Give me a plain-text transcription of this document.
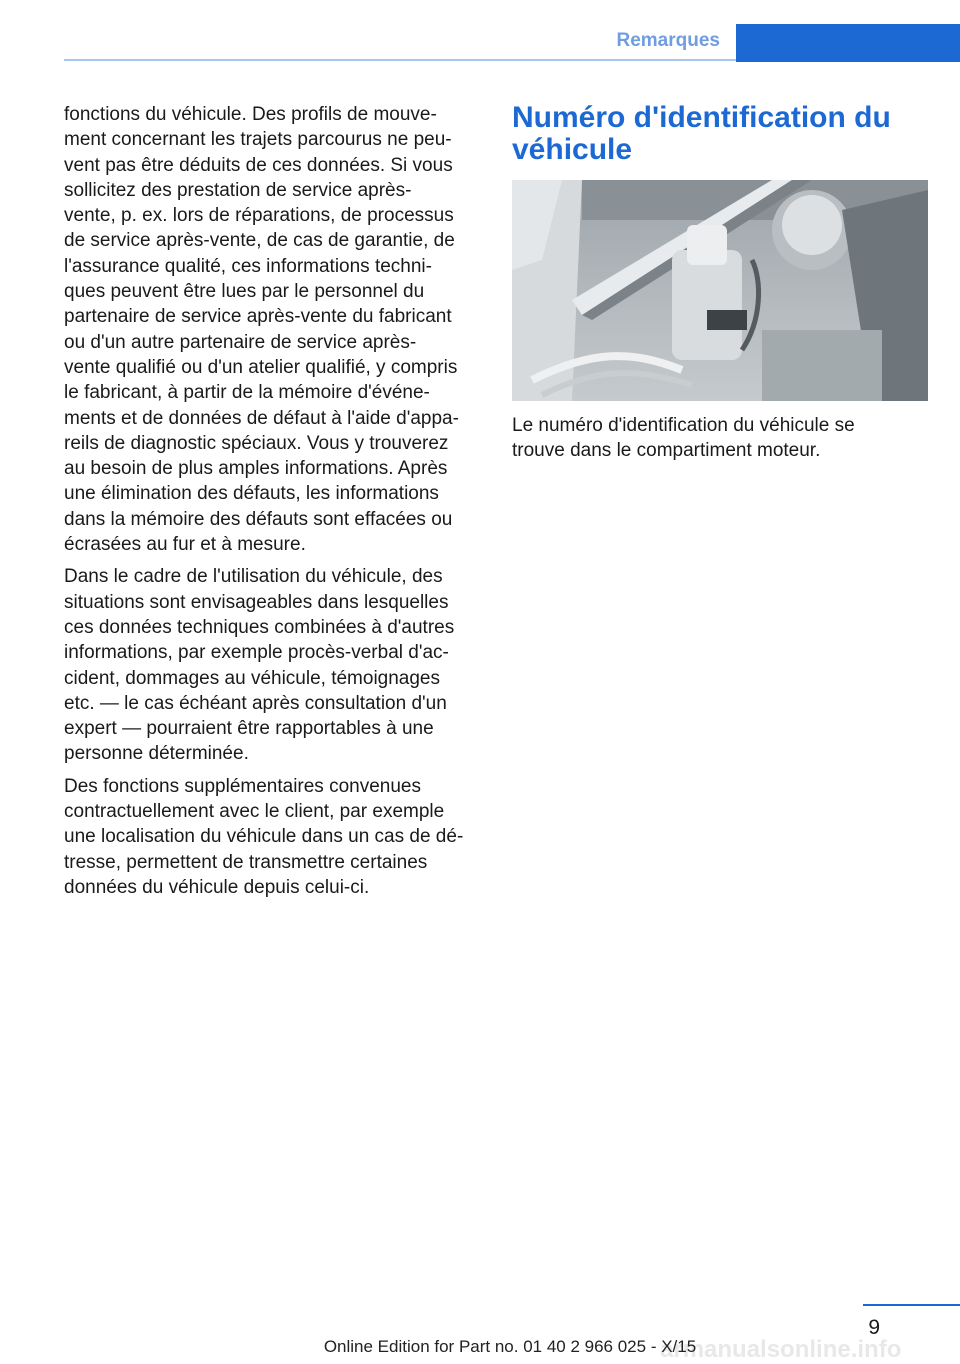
Remarques

fonctions du véhicule. Des profils de mouve-
ment concernant les trajets parcourus ne peu-
vent pas être déduits de ces données. Si vous
sollicitez des prestation de service après-
vente, p. ex. lors de réparations, de processus
de service après-vente, de cas de garantie, de
l'assurance qualité, ces informations techni-
ques peuvent être lues par le personnel du
partenaire de service après-vente du fabricant
ou d'un autre partenaire de service après-
vente qualifié ou d'un atelier qualifié, y compris
le fabricant, à partir de la mémoire d'événe-
ments et de données de défaut à l'aide d'appa-
reils de diagnostic spéciaux. Vous y trouverez
au besoin de plus amples informations. Après
une élimination des défauts, les informations
dans la mémoire des défauts sont effacées ou
écrasées au fur et à mesure.

Dans le cadre de l'utilisation du véhicule, des
situations sont envisageables dans lesquelles
ces données techniques combinées à d'autres
informations, par exemple procès-verbal d'ac-
cident, dommages au véhicule, témoignages
etc. — le cas échéant après consultation d'un
expert — pourraient être rapportables à une
personne déterminée.

Des fonctions supplémentaires convenues
contractuellement avec le client, par exemple
une localisation du véhicule dans un cas de dé-
tresse, permettent de transmettre certaines
données du véhicule depuis celui-ci.

Numéro d'identification du
véhicule

Le numéro d'identification du véhicule se
trouve dans le compartiment moteur.

9
armanualsonline.info
Online Edition for Part no. 01 40 2 966 025 - X/15
